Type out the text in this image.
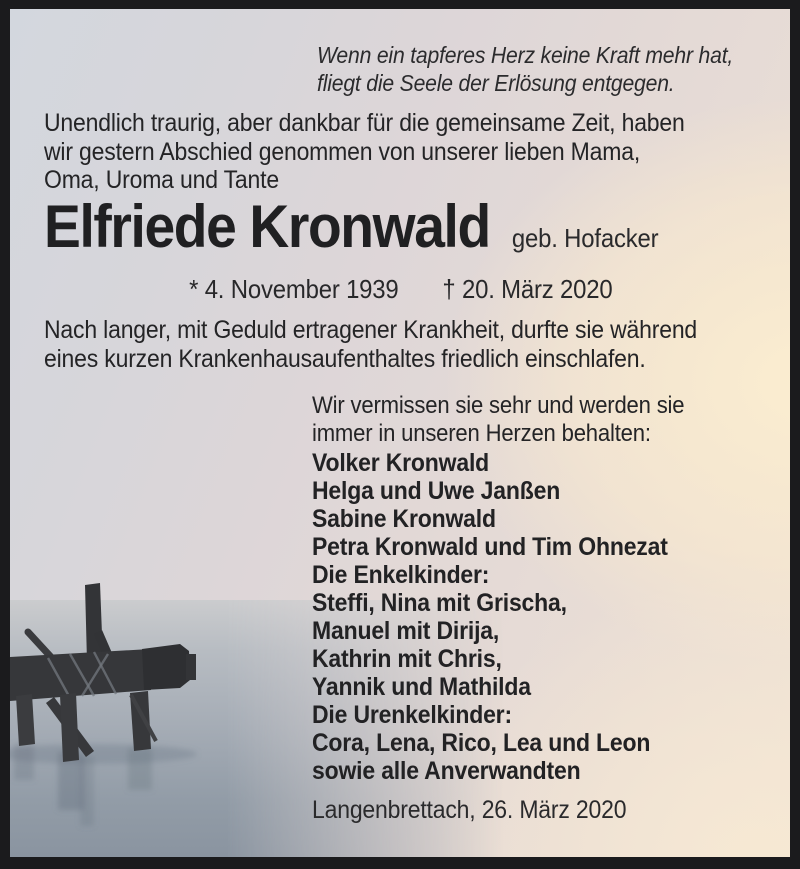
Wenn ein tapferes Herz keine Kraft mehr hat,
fliegt die Seele der Erlösung entgegen.
Unendlich traurig, aber dankbar für die gemeinsame Zeit, haben
wir gestern Abschied genommen von unserer lieben Mama,
Oma, Uroma und Tante
Elfriede Kronwald geb. Hofacker
* 4. November 1939 † 20. März 2020
Nach langer, mit Geduld ertragener Krankheit, durfte sie während
eines kurzen Krankenhausaufenthaltes friedlich einschlafen.
Wir vermissen sie sehr und werden sie
immer in unseren Herzen behalten:
Volker Kronwald
Helga und Uwe Janßen
Sabine Kronwald
Petra Kronwald und Tim Ohnezat
Die Enkelkinder:
Steffi, Nina mit Grischa,
Manuel mit Dirija,
Kathrin mit Chris,
Yannik und Mathilda
Die Urenkelkinder:
Cora, Lena, Rico, Lea und Leon
sowie alle Anverwandten
Langenbrettach, 26. März 2020
